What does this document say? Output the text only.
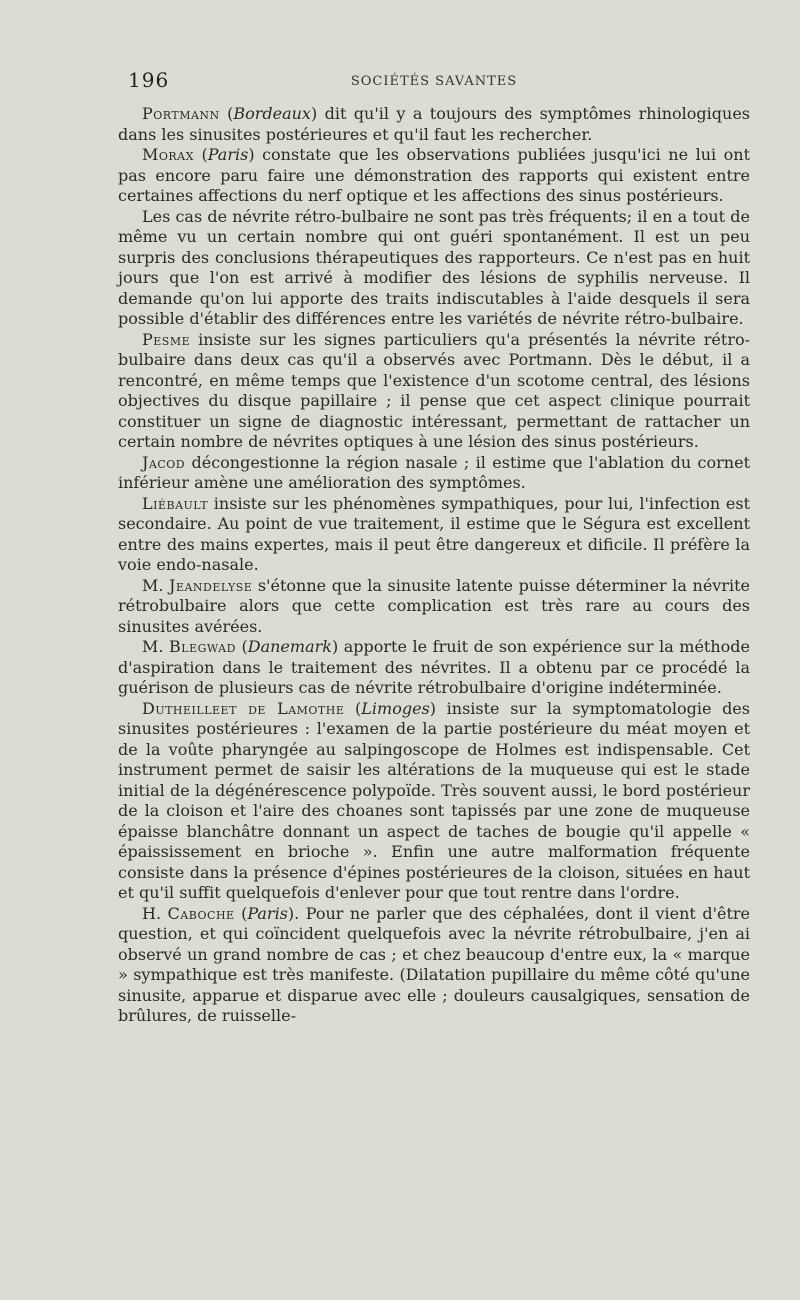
196	SOCIÉTÉS SAVANTES

Portmann (Bordeaux) dit qu'il y a toujours des symptômes rhinologiques dans les sinusites postérieures et qu'il faut les rechercher.

Morax (Paris) constate que les observations publiées jusqu'ici ne lui ont pas encore paru faire une démonstration des rapports qui existent entre certaines affections du nerf optique et les affections des sinus postérieurs.

Les cas de névrite rétro-bulbaire ne sont pas très fréquents; il en a tout de même vu un certain nombre qui ont guéri spontanément. Il est un peu surpris des conclusions thérapeutiques des rapporteurs. Ce n'est pas en huit jours que l'on est arrivé à modifier des lésions de syphilis nerveuse. Il demande qu'on lui apporte des traits indiscutables à l'aide desquels il sera possible d'établir des différences entre les variétés de névrite rétro-bulbaire.

Pesme insiste sur les signes particuliers qu'a présentés la névrite rétro-bulbaire dans deux cas qu'il a observés avec Portmann. Dès le début, il a rencontré, en même temps que l'existence d'un scotome central, des lésions objectives du disque papillaire ; il pense que cet aspect clinique pourrait constituer un signe de diagnostic intéressant, permettant de rattacher un certain nombre de névrites optiques à une lésion des sinus postérieurs.

Jacod décongestionne la région nasale ; il estime que l'ablation du cornet inférieur amène une amélioration des symptômes.

Liébault insiste sur les phénomènes sympathiques, pour lui, l'infection est secondaire. Au point de vue traitement, il estime que le Ségura est excellent entre des mains expertes, mais il peut être dangereux et dificile. Il préfère la voie endo-nasale.

M. Jeandelyse s'étonne que la sinusite latente puisse déterminer la névrite rétrobulbaire alors que cette complication est très rare au cours des sinusites avérées.

M. Blegwad (Danemark) apporte le fruit de son expérience sur la méthode d'aspiration dans le traitement des névrites. Il a obtenu par ce procédé la guérison de plusieurs cas de névrite rétrobulbaire d'origine indéterminée.

Dutheilleet de Lamothe (Limoges) insiste sur la symptomatologie des sinusites postérieures : l'examen de la partie postérieure du méat moyen et de la voûte pharyngée au salpingoscope de Holmes est indispensable. Cet instrument permet de saisir les altérations de la muqueuse qui est le stade initial de la dégénérescence polypoïde. Très souvent aussi, le bord postérieur de la cloison et l'aire des choanes sont tapissés par une zone de muqueuse épaisse blanchâtre donnant un aspect de taches de bougie qu'il appelle « épaississement en brioche ». Enfin une autre malformation fréquente consiste dans la présence d'épines postérieures de la cloison, situées en haut et qu'il suffit quelquefois d'enlever pour que tout rentre dans l'ordre.

H. Caboche (Paris). Pour ne parler que des céphalées, dont il vient d'être question, et qui coïncident quelquefois avec la névrite rétrobulbaire, j'en ai observé un grand nombre de cas ; et chez beaucoup d'entre eux, la « marque » sympathique est très manifeste. (Dilatation pupillaire du même côté qu'une sinusite, apparue et disparue avec elle ; douleurs causalgiques, sensation de brûlures, de ruisselle-
